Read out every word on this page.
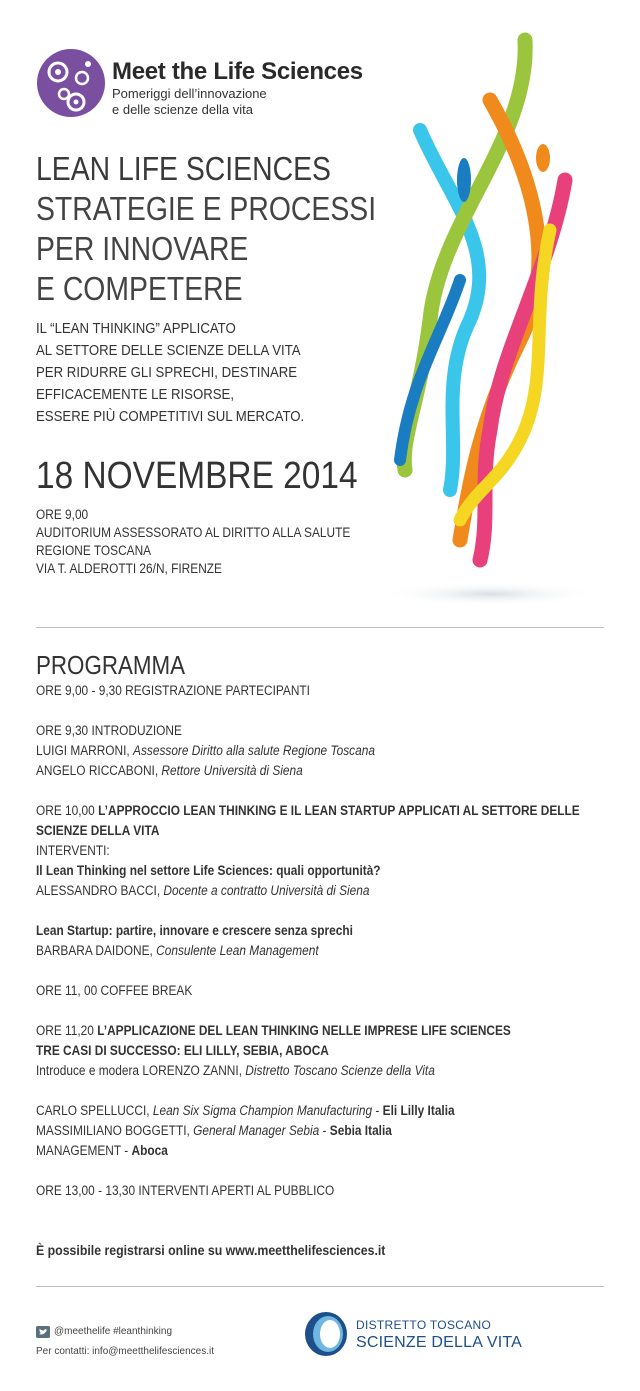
Meet the Life Sciences
Pomeriggi dell’innovazione
e delle scienze della vita
LEAN LIFE SCIENCES
STRATEGIE E PROCESSI
PER INNOVARE
E COMPETERE
IL “LEAN THINKING” APPLICATO
AL SETTORE DELLE SCIENZE DELLA VITA
PER RIDURRE GLI SPRECHI, DESTINARE
EFFICACEMENTE LE RISORSE,
ESSERE PIÙ COMPETITIVI SUL MERCATO.
18 NOVEMBRE 2014
ORE 9,00
AUDITORIUM ASSESSORATO AL DIRITTO ALLA SALUTE
REGIONE TOSCANA
VIA T. ALDEROTTI 26/N, FIRENZE
PROGRAMMA
ORE 9,00 - 9,30 REGISTRAZIONE PARTECIPANTI
ORE 9,30 INTRODUZIONE
LUIGI MARRONI, Assessore Diritto alla salute Regione Toscana
ANGELO RICCABONI, Rettore Università di Siena
ORE 10,00 L’APPROCCIO LEAN THINKING E IL LEAN STARTUP APPLICATI AL SETTORE DELLE
SCIENZE DELLA VITA
INTERVENTI:
Il Lean Thinking nel settore Life Sciences: quali opportunità?
ALESSANDRO BACCI, Docente a contratto Università di Siena
Lean Startup: partire, innovare e crescere senza sprechi
BARBARA DAIDONE, Consulente Lean Management
ORE 11, 00 COFFEE BREAK
ORE 11,20 L’APPLICAZIONE DEL LEAN THINKING NELLE IMPRESE LIFE SCIENCES
TRE CASI DI SUCCESSO: ELI LILLY, SEBIA, ABOCA
Introduce e modera LORENZO ZANNI, Distretto Toscano Scienze della Vita
CARLO SPELLUCCI, Lean Six Sigma Champion Manufacturing - Eli Lilly Italia
MASSIMILIANO BOGGETTI, General Manager Sebia - Sebia Italia
MANAGEMENT - Aboca
ORE 13,00 - 13,30 INTERVENTI APERTI AL PUBBLICO
È possibile registrarsi online su www.meetthelifesciences.it
@meethelife #leanthinking
Per contatti: info@meetthelifesciences.it
DISTRETTO TOSCANO
SCIENZE DELLA VITA
